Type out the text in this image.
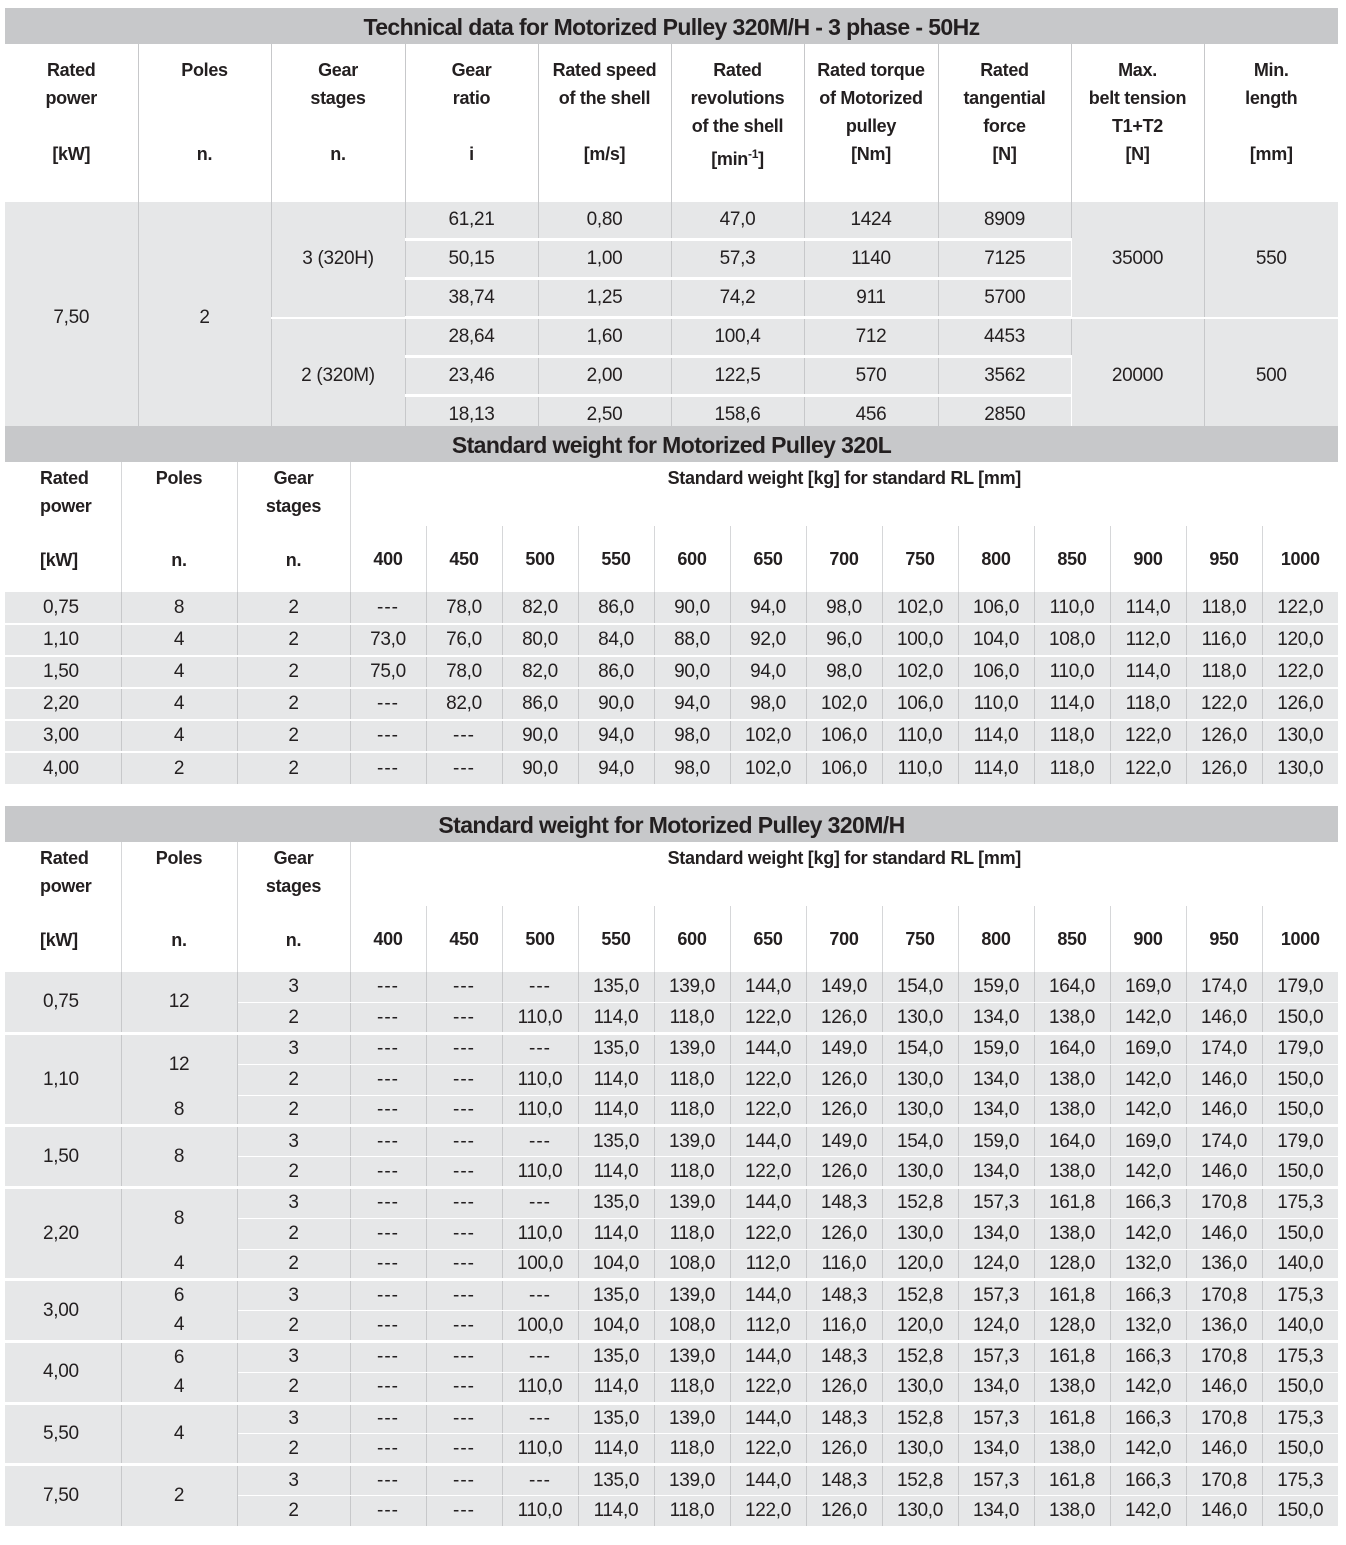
Technical data for Motorized Pulley 320M/H - 3 phase - 50Hz
Rated
power

[kW]	Poles

n.	Gear
stages

n.	Gear
ratio

i	Rated speed
of the shell

[m/s]	Rated
revolutions
of the shell
$[\min^{-1}]$	Rated torque
of Motorized
pulley
[Nm]	Rated
tangential
force
[N]	Max.
belt tension
T1+T2
[N]	Min.
length

[mm]

7,50	2	3 (320H)	61,21	0,80	47,0	1424	8909	35000	550
			50,15	1,00	57,3	1140	7125		
			38,74	1,25	74,2	911	5700		
		2 (320M)	28,64	1,60	100,4	712	4453	20000	500
			23,46	2,00	122,5	570	3562		
			18,13	2,50	158,6	456	2850		
Standard weight for Motorized Pulley 320L
Rated
power
[kW]	Poles
n.	Gear
stages
n.	Standard weight [kg] for standard RL [mm]												
			400	450	500	550	600	650	700	750	800	850	900	950	1000
0,75	8	2	---	78,0	82,0	86,0	90,0	94,0	98,0	102,0	106,0	110,0	114,0	118,0	122,0
1,10	4	2	73,0	76,0	80,0	84,0	88,0	92,0	96,0	100,0	104,0	108,0	112,0	116,0	120,0
1,50	4	2	75,0	78,0	82,0	86,0	90,0	94,0	98,0	102,0	106,0	110,0	114,0	118,0	122,0
2,20	4	2	---	82,0	86,0	90,0	94,0	98,0	102,0	106,0	110,0	114,0	118,0	122,0	126,0
3,00	4	2	---	---	90,0	94,0	98,0	102,0	106,0	110,0	114,0	118,0	122,0	126,0	130,0
4,00	2	2	---	---	90,0	94,0	98,0	102,0	106,0	110,0	114,0	118,0	122,0	126,0	130,0
Standard weight for Motorized Pulley 320M/H
Rated
power
[kW]	Poles
n.	Gear
stages
n.	Standard weight [kg] for standard RL [mm]												
			400	450	500	550	600	650	700	750	800	850	900	950	1000
0,75	12	3	---	---	---	135,0	139,0	144,0	149,0	154,0	159,0	164,0	169,0	174,0	179,0
		2	---	---	110,0	114,0	118,0	122,0	126,0	130,0	134,0	138,0	142,0	146,0	150,0
1,10	12	3	---	---	---	135,0	139,0	144,0	149,0	154,0	159,0	164,0	169,0	174,0	179,0
		2	---	---	110,0	114,0	118,0	122,0	126,0	130,0	134,0	138,0	142,0	146,0	150,0
	8	2	---	---	110,0	114,0	118,0	122,0	126,0	130,0	134,0	138,0	142,0	146,0	150,0
1,50	8	3	---	---	---	135,0	139,0	144,0	149,0	154,0	159,0	164,0	169,0	174,0	179,0
		2	---	---	110,0	114,0	118,0	122,0	126,0	130,0	134,0	138,0	142,0	146,0	150,0
2,20	8	3	---	---	---	135,0	139,0	144,0	148,3	152,8	157,3	161,8	166,3	170,8	175,3
		2	---	---	110,0	114,0	118,0	122,0	126,0	130,0	134,0	138,0	142,0	146,0	150,0
	4	2	---	---	100,0	104,0	108,0	112,0	116,0	120,0	124,0	128,0	132,0	136,0	140,0
3,00	6	3	---	---	---	135,0	139,0	144,0	148,3	152,8	157,3	161,8	166,3	170,8	175,3
	4	2	---	---	100,0	104,0	108,0	112,0	116,0	120,0	124,0	128,0	132,0	136,0	140,0
4,00	6	3	---	---	---	135,0	139,0	144,0	148,3	152,8	157,3	161,8	166,3	170,8	175,3
	4	2	---	---	110,0	114,0	118,0	122,0	126,0	130,0	134,0	138,0	142,0	146,0	150,0
5,50	4	3	---	---	---	135,0	139,0	144,0	148,3	152,8	157,3	161,8	166,3	170,8	175,3
		2	---	---	110,0	114,0	118,0	122,0	126,0	130,0	134,0	138,0	142,0	146,0	150,0
7,50	2	3	---	---	---	135,0	139,0	144,0	148,3	152,8	157,3	161,8	166,3	170,8	175,3
		2	---	---	110,0	114,0	118,0	122,0	126,0	130,0	134,0	138,0	142,0	146,0	150,0
